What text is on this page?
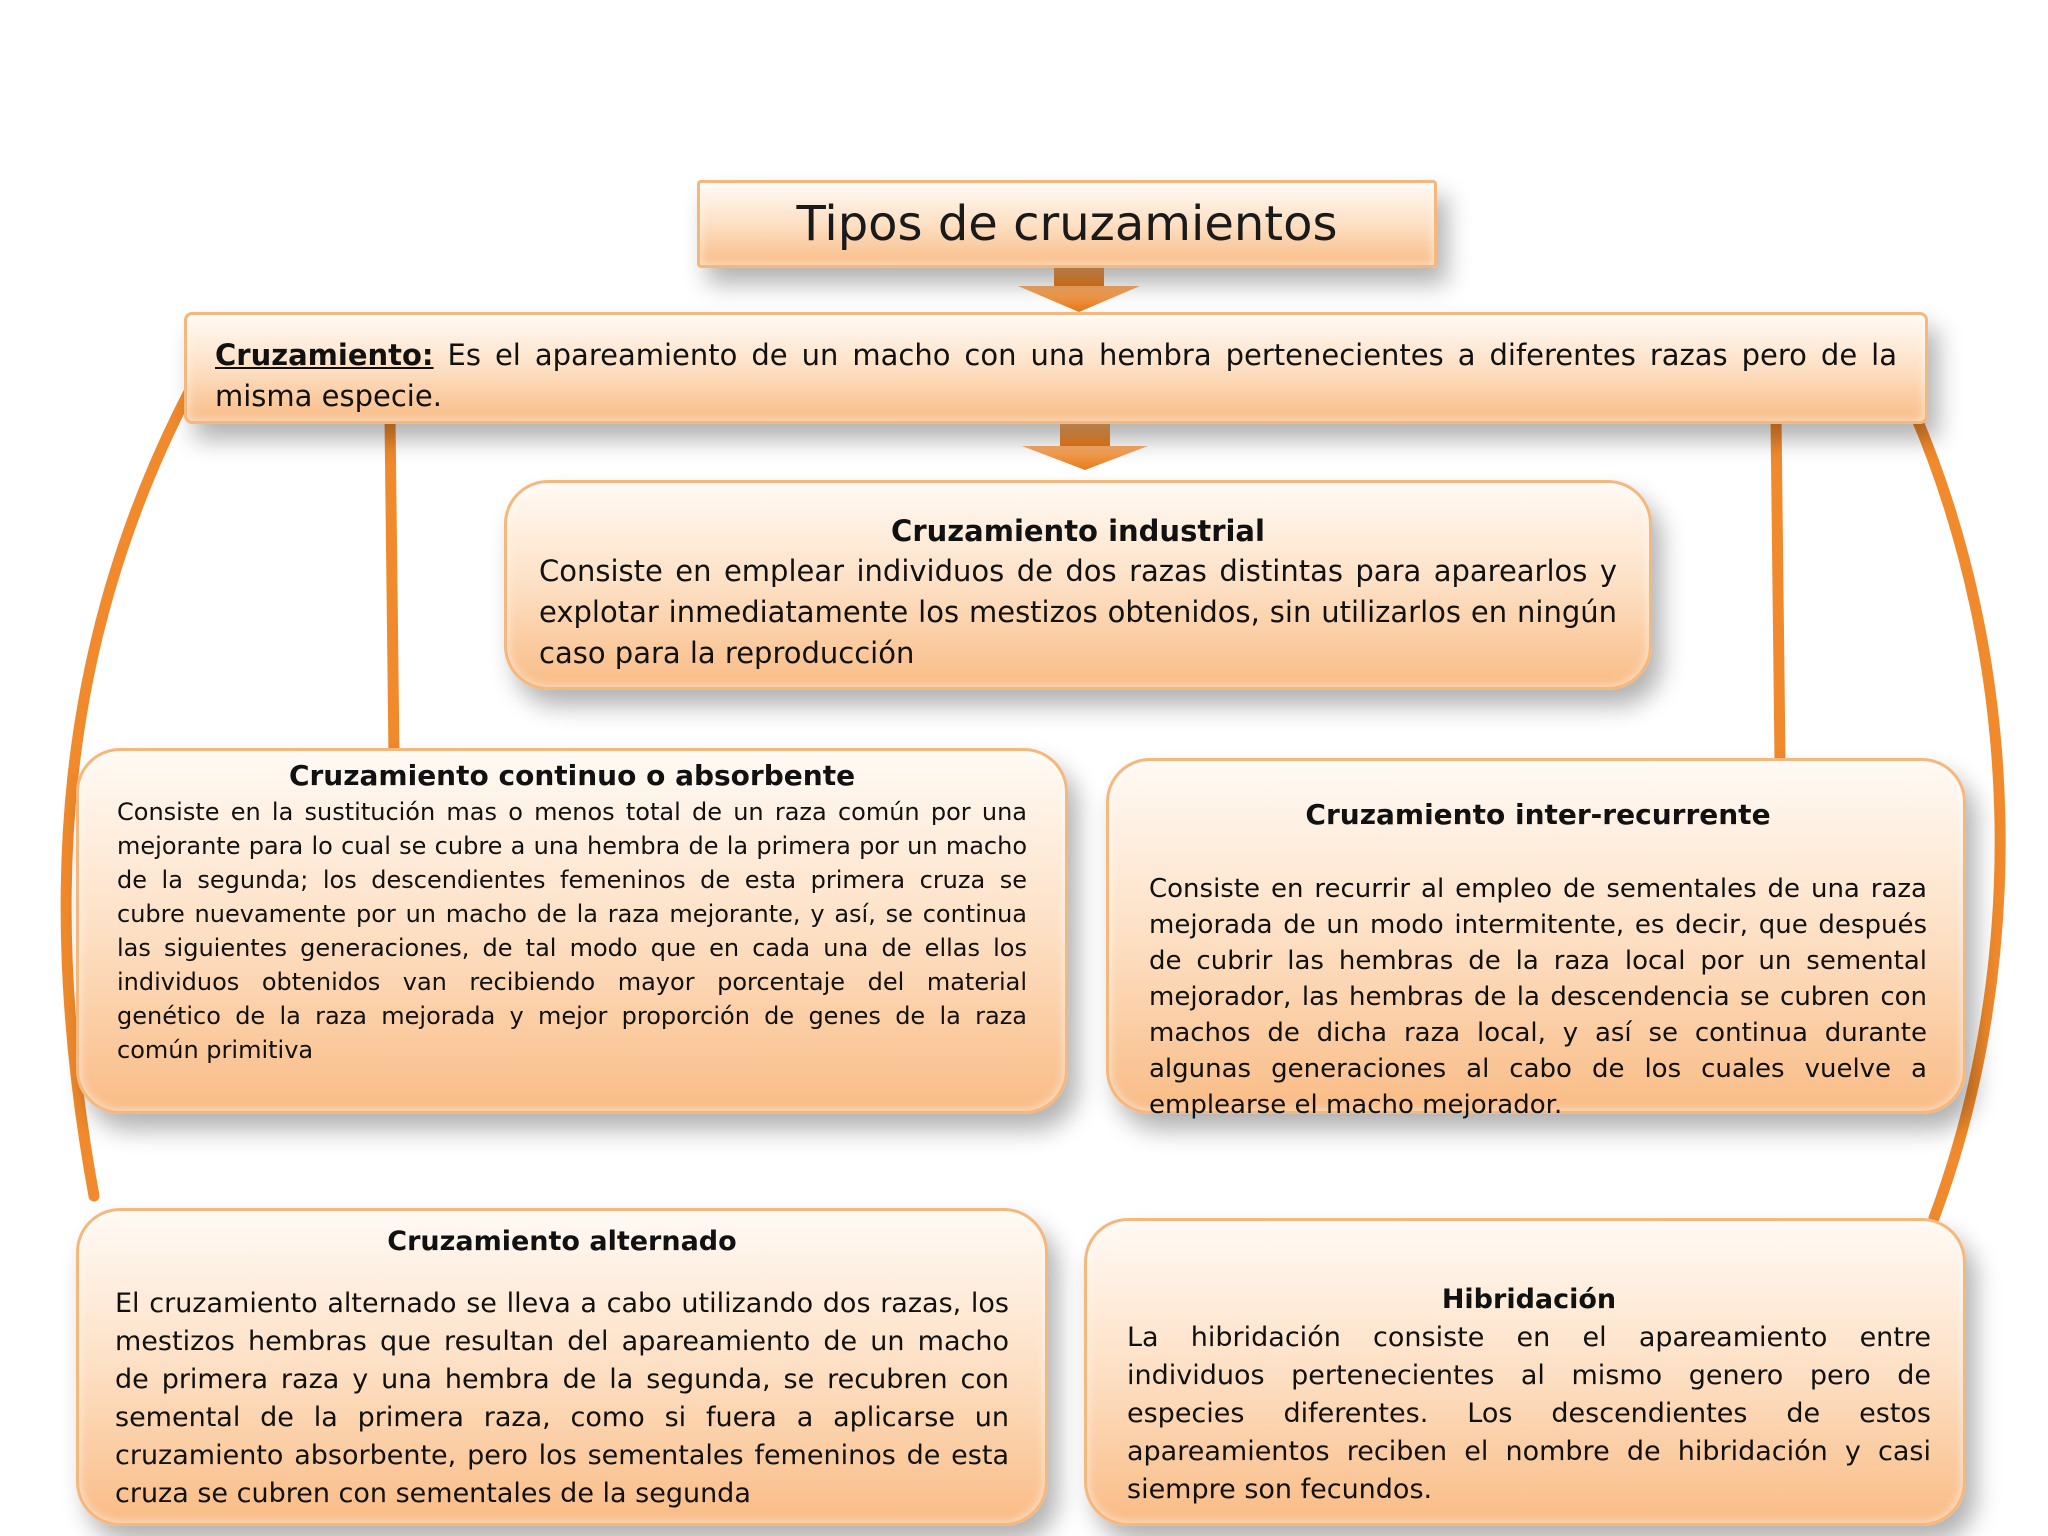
Tipos de cruzamientos
Cruzamiento: Es el apareamiento de un macho con una hembra pertenecientes a diferentes razas pero de la misma especie.
Cruzamiento industrial
Consiste en emplear individuos de dos razas distintas para aparearlos y explotar inmediatamente los mestizos obtenidos, sin utilizarlos en ningún caso para la reproducción
Cruzamiento continuo o absorbente
Consiste en la sustitución mas o menos total de un raza común por una mejorante para lo cual se cubre a una hembra de la primera por un macho de la segunda; los descendientes femeninos de esta primera cruza se cubre nuevamente por un macho de la raza mejorante, y así, se continua las siguientes generaciones, de tal modo que en cada una de ellas los individuos obtenidos van recibiendo mayor porcentaje del material genético de la raza mejorada y mejor proporción de genes de la raza común primitiva
Cruzamiento inter-recurrente
Consiste en recurrir al empleo de sementales de una raza mejorada de un modo intermitente, es decir, que después de cubrir las hembras de la raza local por un semental mejorador, las hembras de la descendencia se cubren con machos de dicha raza local, y así se continua durante algunas generaciones al cabo de los cuales vuelve a emplearse el macho mejorador.
Cruzamiento alternado
El cruzamiento alternado se lleva a cabo utilizando dos razas, los mestizos hembras que resultan del apareamiento de un macho de primera raza y una hembra de la segunda, se recubren con semental de la primera raza, como si fuera a aplicarse un cruzamiento absorbente, pero los sementales femeninos de esta cruza se cubren con sementales de la segunda
Hibridación
La hibridación consiste en el apareamiento entre individuos pertenecientes al mismo genero pero de especies diferentes. Los descendientes de estos apareamientos reciben el nombre de hibridación y casi siempre son fecundos.
